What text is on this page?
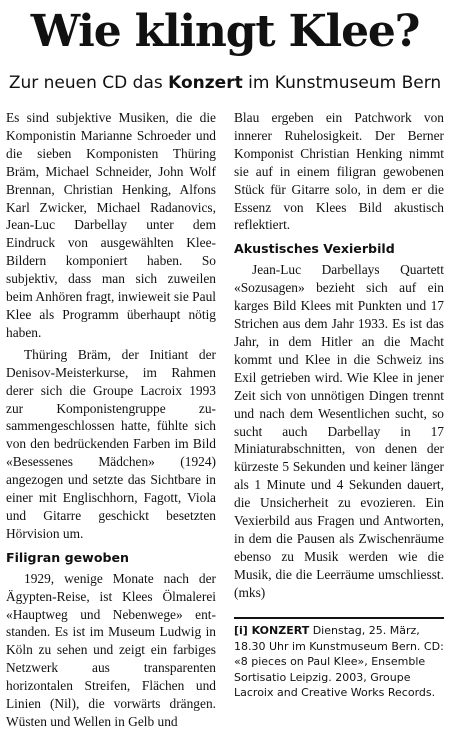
Wie klingt Klee?
Zur neuen CD das Konzert im Kunstmuseum Bern

Es sind subjektive Musiken, die die Komponistin Marianne Schroeder und die sieben Komponisten Thüring Bräm, Michael Schneider, John Wolf Brennan, Christian Henking, Alfons Karl Zwicker, Michael Radanovics, Jean-Luc Darbellay unter dem Eindruck von ausgewählten Klee-Bildern komponiert haben. So subjektiv, dass man sich zuweilen beim Anhören fragt, inwieweit sie Paul Klee als Programm überhaupt nötig haben.

Thüring Bräm, der Initiant der Denisov-Meisterkurse, im Rahmen derer sich die Groupe Lacroix 1993 zur Komponistengruppe zusammengeschlossen hatte, fühlte sich von den bedrückenden Farben im Bild «Besessenes Mädchen» (1924) angezogen und setzte das Sichtbare in einer mit Englischhorn, Fagott, Viola und Gitarre geschickt besetzten Hörvision um.

Filigran gewoben

1929, wenige Monate nach der Ägypten-Reise, ist Klees Ölmalerei «Hauptweg und Nebenwege» entstanden. Es ist im Museum Ludwig in Köln zu sehen und zeigt ein farbiges Netzwerk aus transparenten horizontalen Streifen, Flächen und Linien (Nil), die vorwärts drängen. Wüsten und Wellen in Gelb und

Blau ergeben ein Patchwork von innerer Ruhelosigkeit. Der Berner Komponist Christian Henking nimmt sie auf in einem filigran gewobenen Stück für Gitarre solo, in dem er die Essenz von Klees Bild akustisch reflektiert.

Akustisches Vexierbild

Jean-Luc Darbellays Quartett «Sozusagen» bezieht sich auf ein karges Bild Klees mit Punkten und 17 Strichen aus dem Jahr 1933. Es ist das Jahr, in dem Hitler an die Macht kommt und Klee in die Schweiz ins Exil getrieben wird. Wie Klee in jener Zeit sich von unnötigen Dingen trennt und nach dem Wesentlichen sucht, so sucht auch Darbellay in 17 Miniaturabschnitten, von denen der kürzeste 5 Sekunden und keiner länger als 1 Minute und 4 Sekunden dauert, die Unsicherheit zu evozieren. Ein Vexierbild aus Fragen und Antworten, in dem die Pausen als Zwischenräume ebenso zu Musik werden wie die Musik, die die Leerräume umschliesst. (mks)

[i] KONZERT Dienstag, 25. März, 18.30 Uhr im Kunstmuseum Bern. CD: «8 pieces on Paul Klee», Ensemble Sortisatio Leipzig. 2003, Groupe Lacroix and Creative Works Records.
